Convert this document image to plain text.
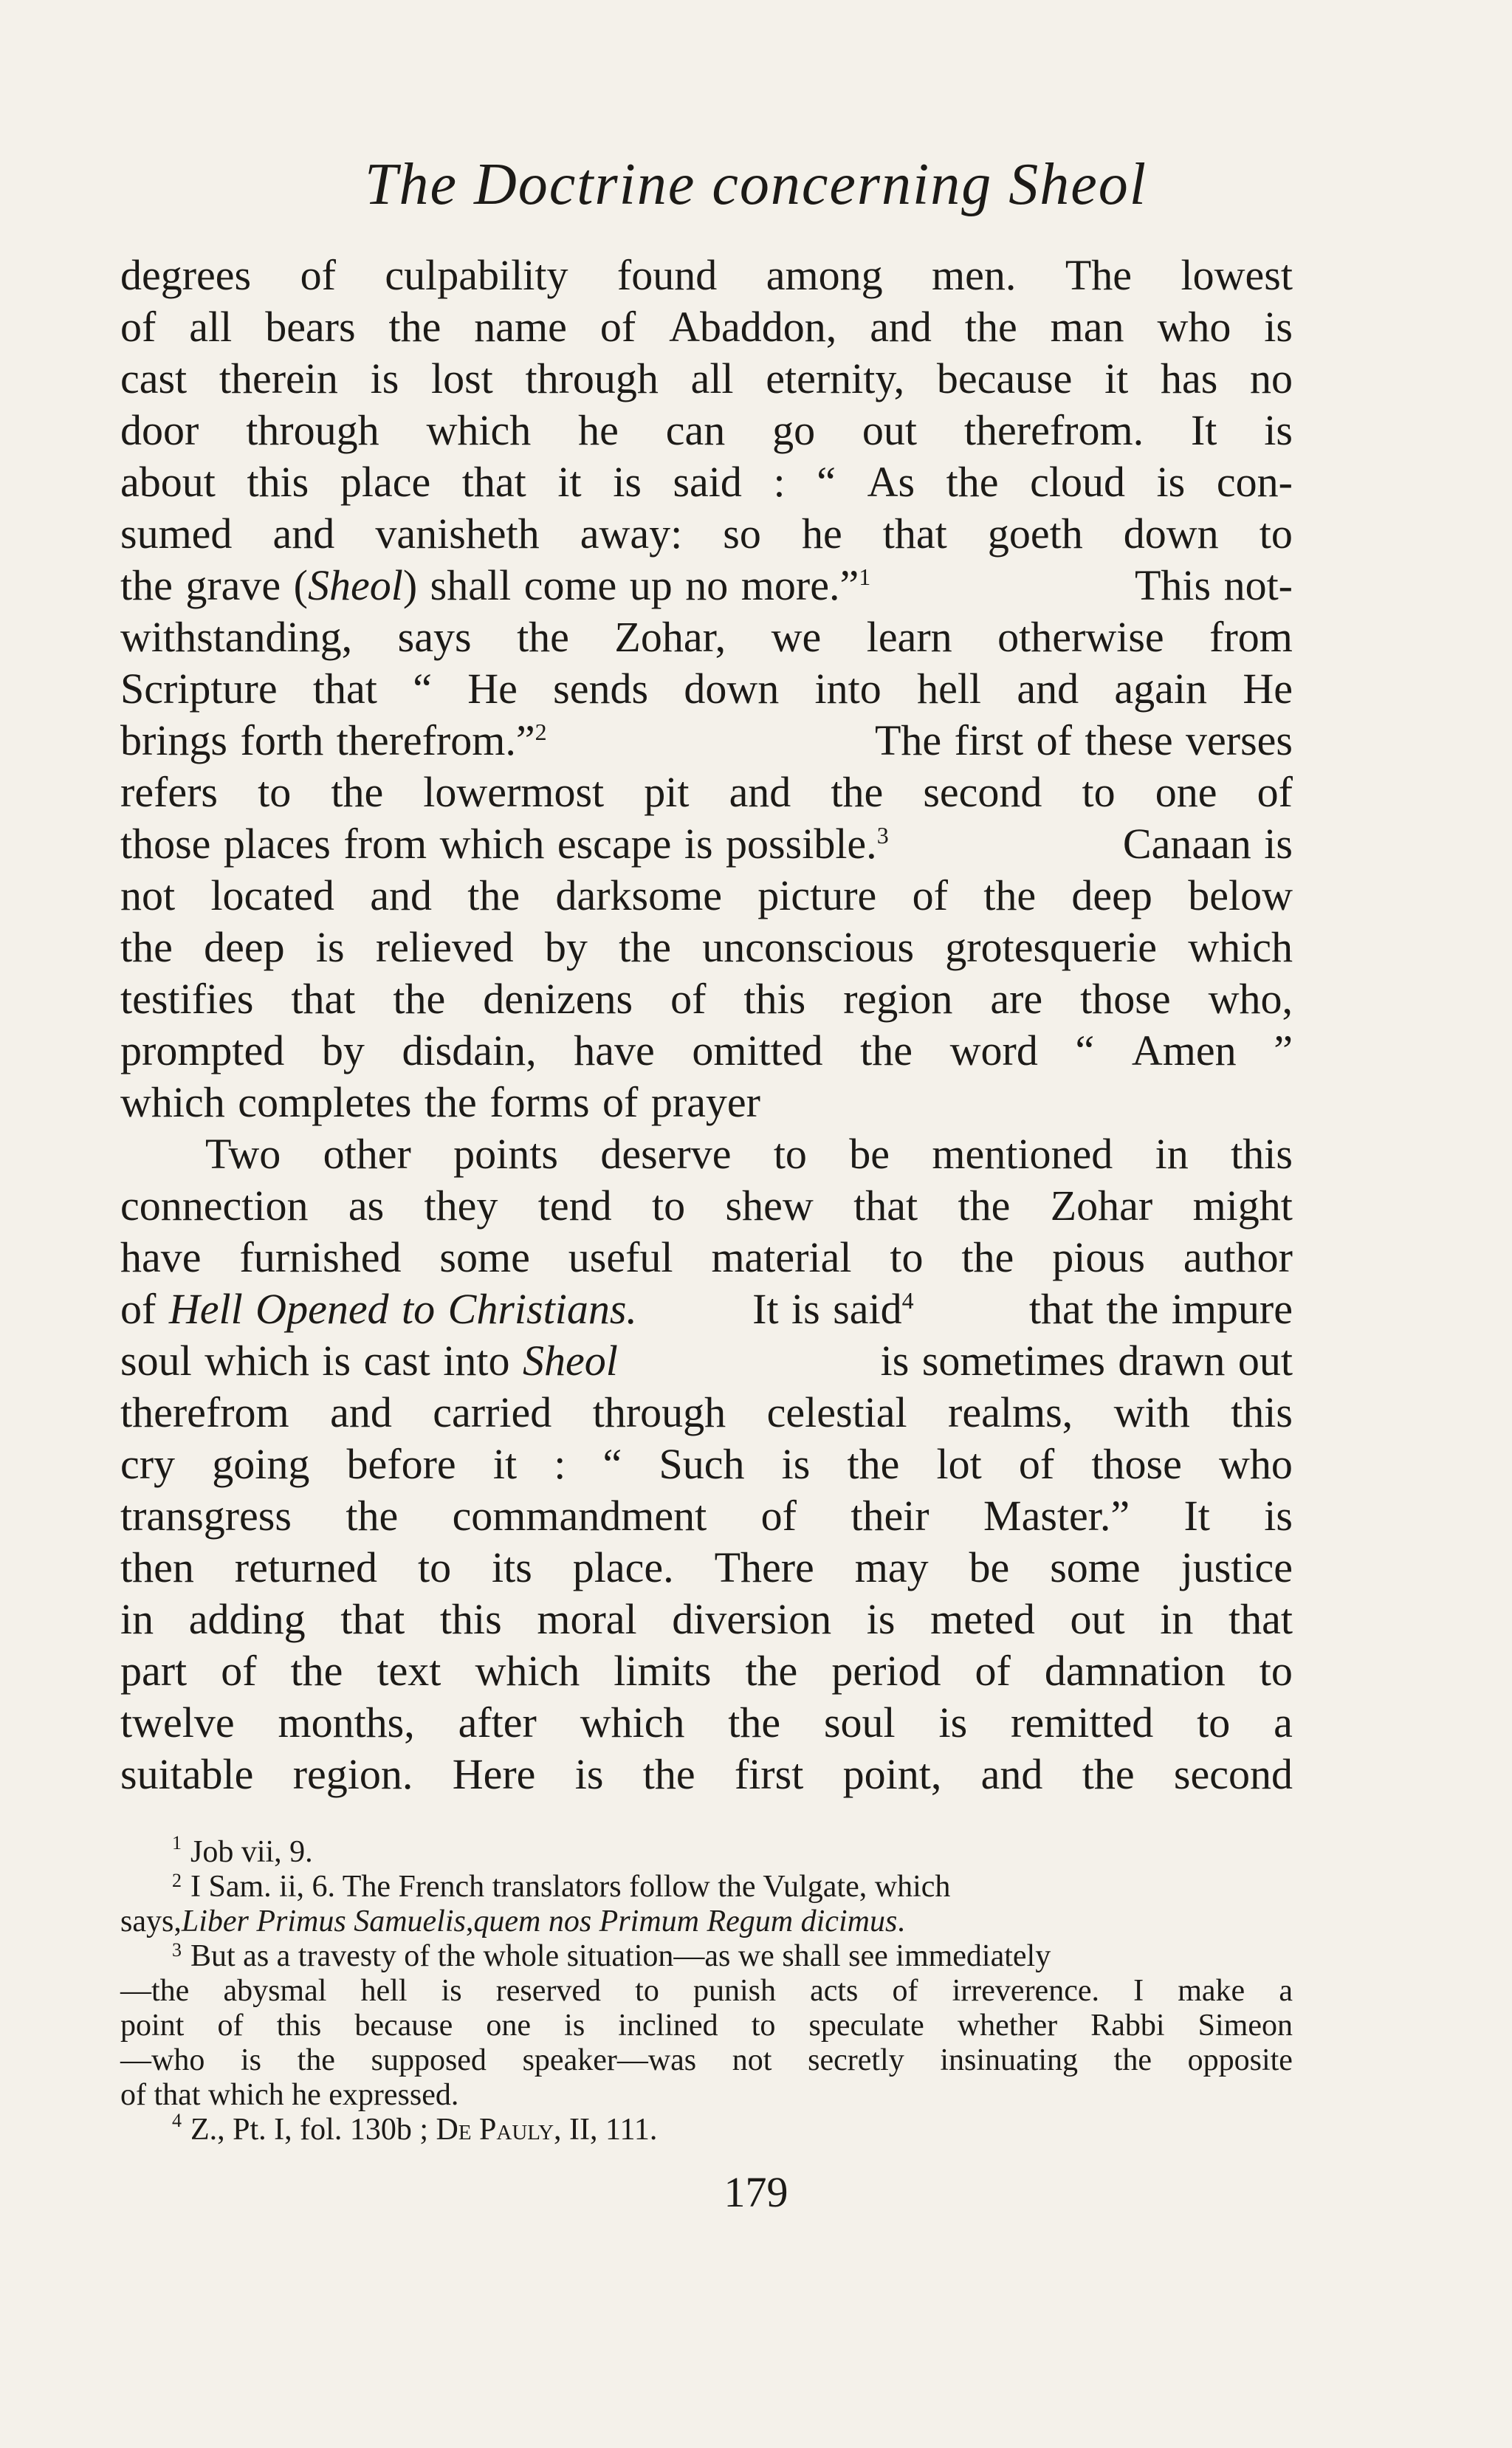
The Doctrine concerning Sheol
degrees of culpability found among men. The lowest
of all bears the name of Abaddon, and the man who is
cast therein is lost through all eternity, because it has no
door through which he can go out therefrom. It is
about this place that it is said : “ As the cloud is con-
sumed and vanisheth away: so he that goeth down to
the grave (Sheol) shall come up no more.”$^1$	This not-
withstanding, says the Zohar, we learn otherwise from
Scripture that “ He sends down into hell and again He
brings forth therefrom.”$^2$	The first of these verses
refers to the lowermost pit and the second to one of
those places from which escape is possible.$^3$	Canaan is
not located and the darksome picture of the deep below
the deep is relieved by the unconscious grotesquerie which
testifies that the denizens of this region are those who,
prompted by disdain, have omitted the word “ Amen ”
which completes the forms of prayer
Two other points deserve to be mentioned in this
connection as they tend to shew that the Zohar might
have furnished some useful material to the pious author
of Hell Opened to Christians.	It is said$^4$	that the impure
soul which is cast into Sheol	is sometimes drawn out
therefrom and carried through celestial realms, with this
cry going before it : “ Such is the lot of those who
transgress the commandment of their Master.” It is
then returned to its place. There may be some justice
in adding that this moral diversion is meted out in that
part of the text which limits the period of damnation to
twelve months, after which the soul is remitted to a
suitable region. Here is the first point, and the second
1 Job vii, 9.
$^2$ I Sam. ii, 6. The French translators follow the Vulgate, which
says, Liber Primus Samuelis , quem nos Primum Regum dicimus .
$^3$ But as a travesty of the whole situation—as we shall see immediately
—the abysmal hell is reserved to punish acts of irreverence. I make a
point of this because one is inclined to speculate whether Rabbi Simeon
—who is the supposed speaker—was not secretly insinuating the opposite
of that which he expressed.
4 Z., Pt. I, fol. 130b ;
De Pauly , II, 111.
179
